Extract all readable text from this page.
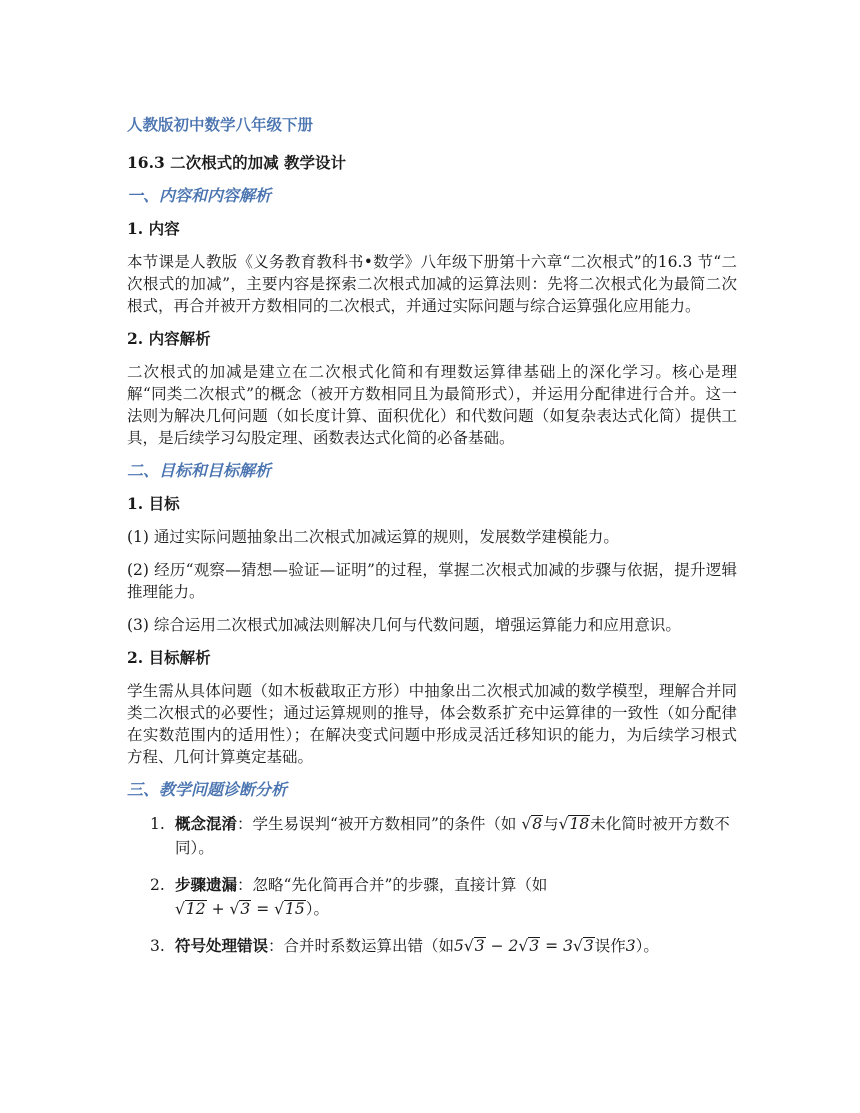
人教版初中数学八年级下册
16.3 二次根式的加减 教学设计
一、内容和内容解析
1. 内容
本节课是人教版《义务教育教科书•数学》八年级下册第十六章“二次根式”的16.3 节“二次根式的加减”，主要内容是探索二次根式加减的运算法则：先将二次根式化为最简二次根式，再合并被开方数相同的二次根式，并通过实际问题与综合运算强化应用能力。
2. 内容解析
二次根式的加减是建立在二次根式化简和有理数运算律基础上的深化学习。核心是理解“同类二次根式”的概念（被开方数相同且为最简形式），并运用分配律进行合并。这一法则为解决几何问题（如长度计算、面积优化）和代数问题（如复杂表达式化简）提供工具，是后续学习勾股定理、函数表达式化简的必备基础。
二、目标和目标解析
1. 目标
(1) 通过实际问题抽象出二次根式加减运算的规则，发展数学建模能力。
(2) 经历“观察—猜想—验证—证明”的过程，掌握二次根式加减的步骤与依据，提升逻辑推理能力。
(3) 综合运用二次根式加减法则解决几何与代数问题，增强运算能力和应用意识。
2. 目标解析
学生需从具体问题（如木板截取正方形）中抽象出二次根式加减的数学模型，理解合并同类二次根式的必要性；通过运算规则的推导，体会数系扩充中运算律的一致性（如分配律在实数范围内的适用性）；在解决变式问题中形成灵活迁移知识的能力，为后续学习根式方程、几何计算奠定基础。
三、教学问题诊断分析
1. 概念混淆：学生易误判“被开方数相同”的条件（如 √8与√18未化简时被开方数不同）。
2. 步骤遗漏：忽略“先化简再合并”的步骤，直接计算（如
√12 + √3 = √15）。
3. 符号处理错误：合并时系数运算出错（如5√3 − 2√3 = 3√3误作3）。
